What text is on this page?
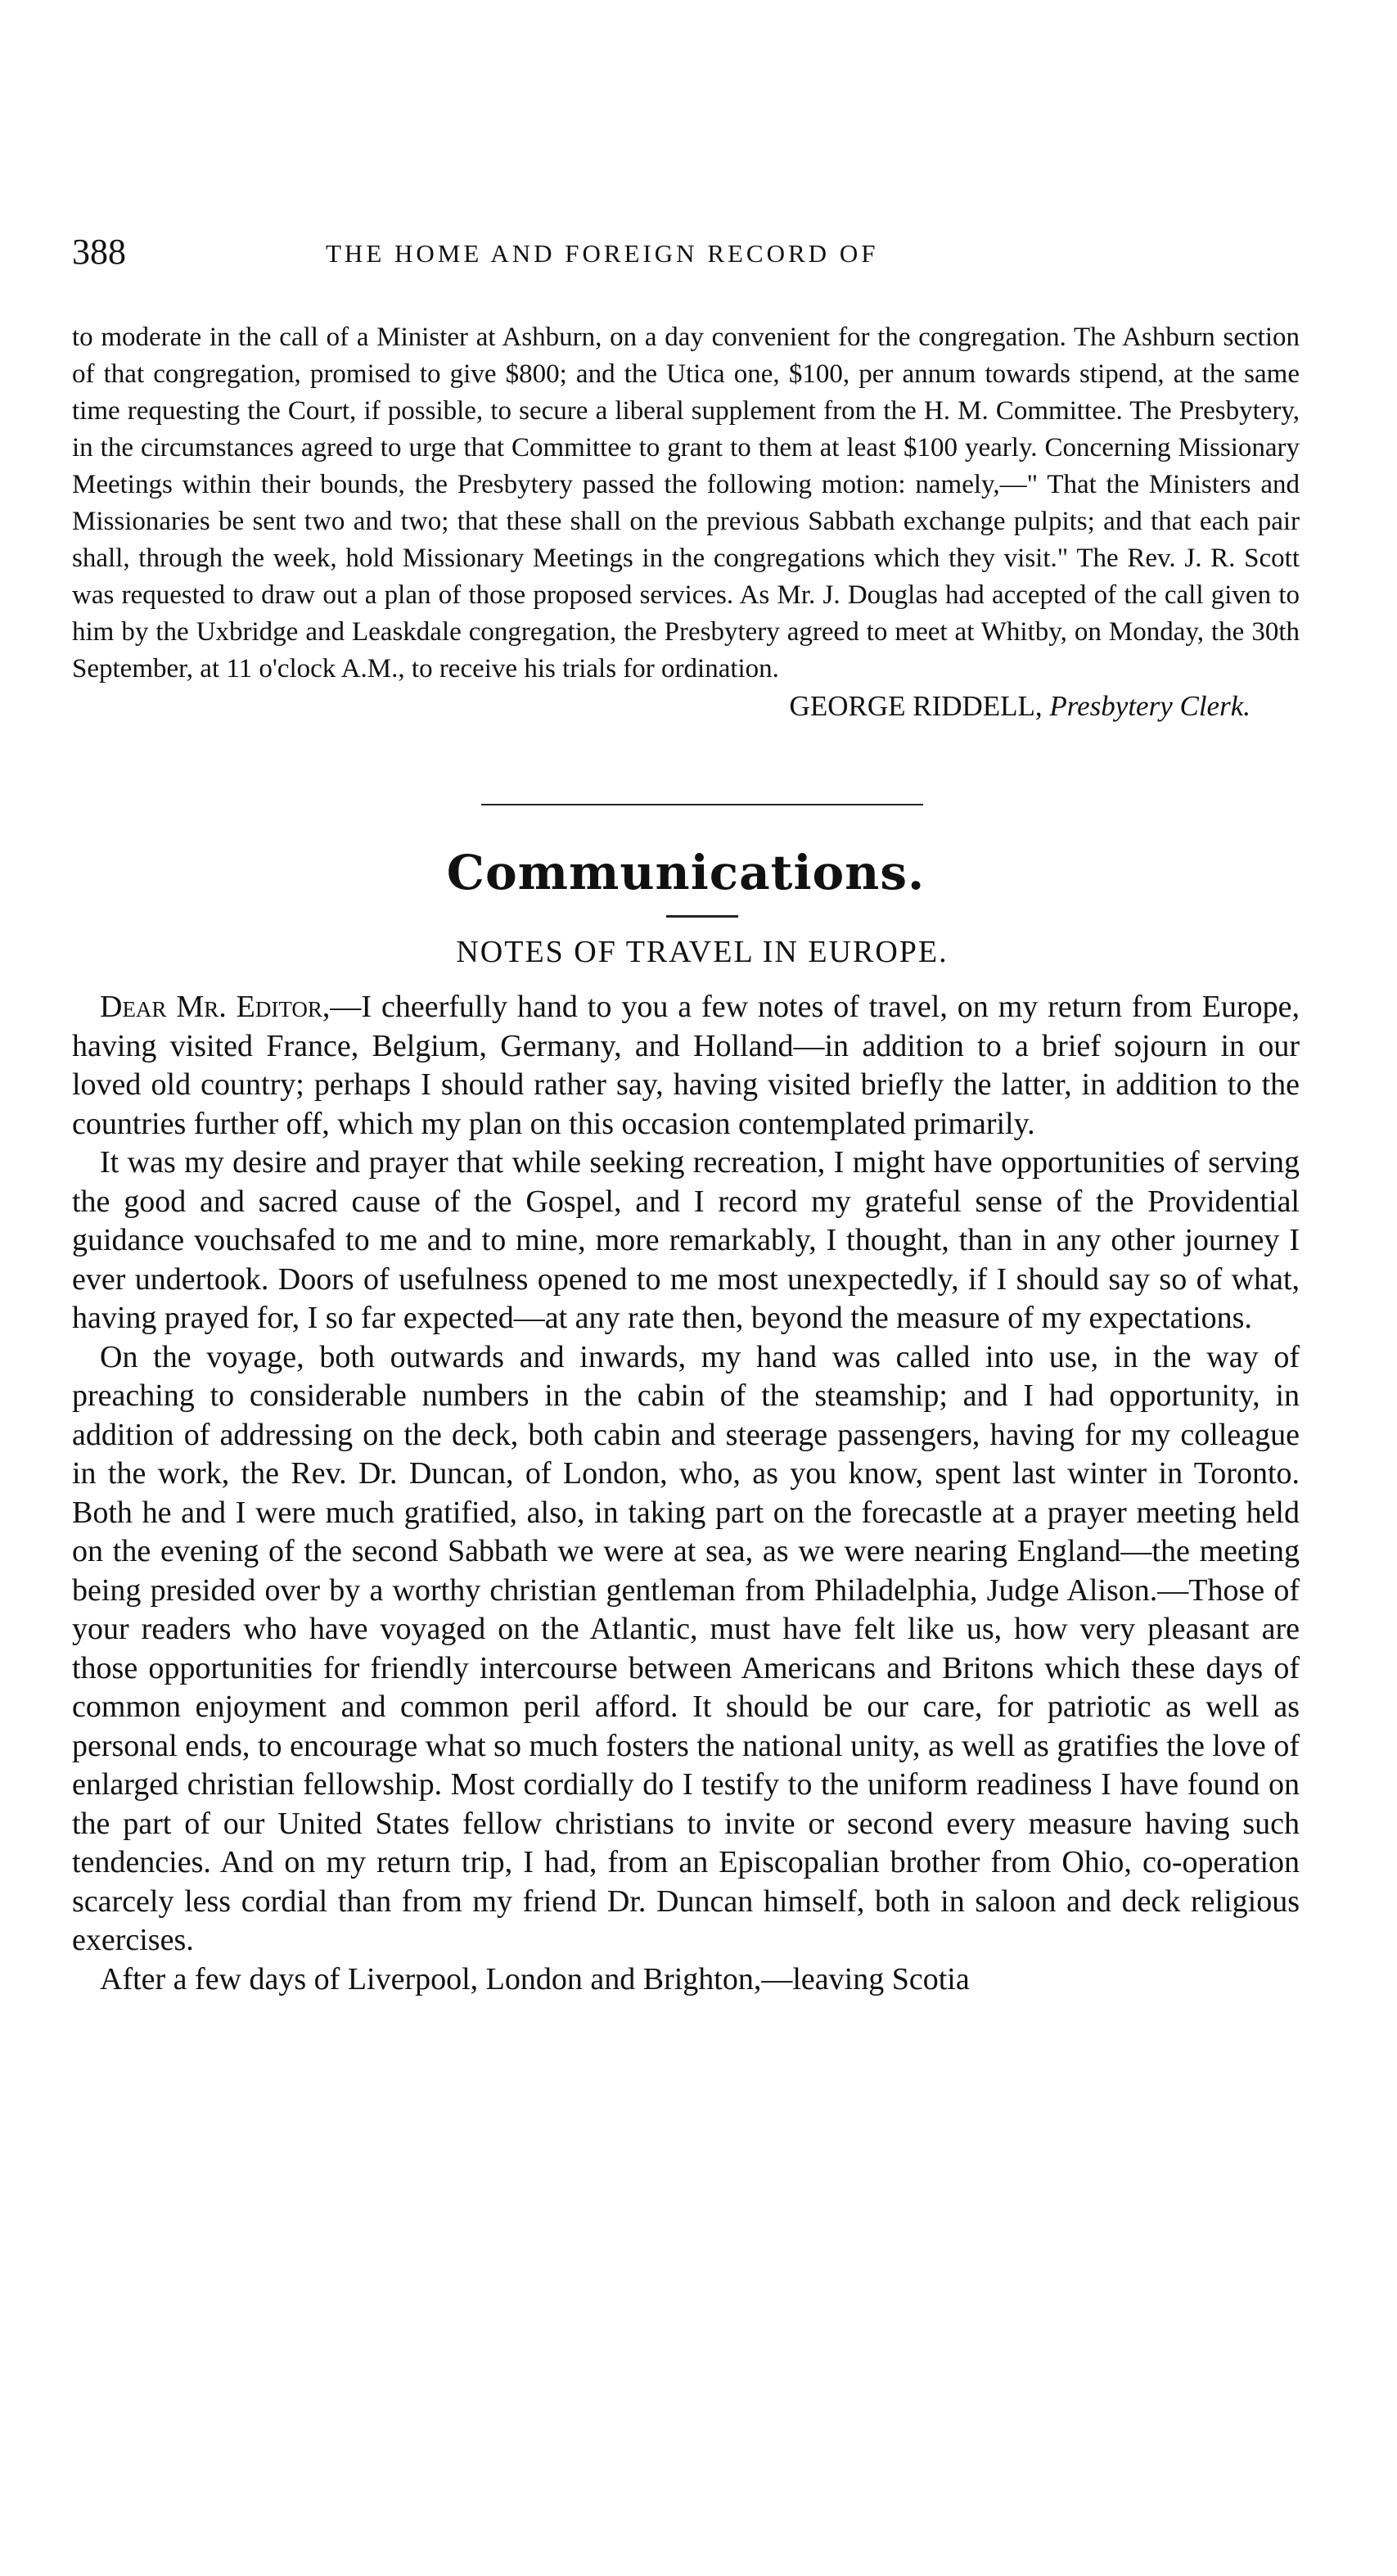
388	THE HOME AND FOREIGN RECORD OF
to moderate in the call of a Minister at Ashburn, on a day convenient for the congregation. The Ashburn section of that congregation, promised to give $800; and the Utica one, $100, per annum towards stipend, at the same time requesting the Court, if possible, to secure a liberal supplement from the H. M. Committee. The Presbytery, in the circumstances agreed to urge that Committee to grant to them at least $100 yearly. Concerning Missionary Meetings within their bounds, the Presbytery passed the following motion: namely,—" That the Ministers and Missionaries be sent two and two; that these shall on the previous Sabbath exchange pulpits; and that each pair shall, through the week, hold Missionary Meetings in the congregations which they visit." The Rev. J. R. Scott was requested to draw out a plan of those proposed services. As Mr. J. Douglas had accepted of the call given to him by the Uxbridge and Leaskdale congregation, the Presbytery agreed to meet at Whitby, on Monday, the 30th September, at 11 o'clock A.M., to receive his trials for ordination.
GEORGE RIDDELL, Presbytery Clerk.
Communications.
NOTES OF TRAVEL IN EUROPE.

Dear Mr. Editor,—I cheerfully hand to you a few notes of travel, on my return from Europe, having visited France, Belgium, Germany, and Holland—in addition to a brief sojourn in our loved old country; perhaps I should rather say, having visited briefly the latter, in addition to the countries further off, which my plan on this occasion contemplated primarily.

It was my desire and prayer that while seeking recreation, I might have opportunities of serving the good and sacred cause of the Gospel, and I record my grateful sense of the Providential guidance vouchsafed to me and to mine, more remarkably, I thought, than in any other journey I ever undertook. Doors of usefulness opened to me most unexpectedly, if I should say so of what, having prayed for, I so far expected—at any rate then, beyond the measure of my expectations.

On the voyage, both outwards and inwards, my hand was called into use, in the way of preaching to considerable numbers in the cabin of the steamship; and I had opportunity, in addition of addressing on the deck, both cabin and steerage passengers, having for my colleague in the work, the Rev. Dr. Duncan, of London, who, as you know, spent last winter in Toronto. Both he and I were much gratified, also, in taking part on the forecastle at a prayer meeting held on the evening of the second Sabbath we were at sea, as we were nearing England—the meeting being presided over by a worthy christian gentleman from Philadelphia, Judge Alison.—Those of your readers who have voyaged on the Atlantic, must have felt like us, how very pleasant are those opportunities for friendly intercourse between Americans and Britons which these days of common enjoyment and common peril afford. It should be our care, for patriotic as well as personal ends, to encourage what so much fosters the national unity, as well as gratifies the love of enlarged christian fellowship. Most cordially do I testify to the uniform readiness I have found on the part of our United States fellow christians to invite or second every measure having such tendencies. And on my return trip, I had, from an Episcopalian brother from Ohio, co-operation scarcely less cordial than from my friend Dr. Duncan himself, both in saloon and deck religious exercises.

After a few days of Liverpool, London and Brighton,—leaving Scotia
